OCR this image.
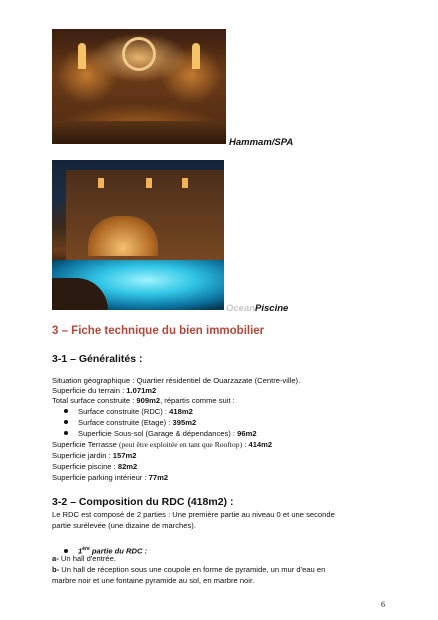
Hammam/SPA
OceanPiscine
3 – Fiche technique du bien immobilier
3-1 – Généralités :
Situation géographique : Quartier résidentiel de Ouarzazate (Centre-ville).
Superficie du terrain : 1.071m2
Total surface construite : 909m2, répartis comme suit :
Surface construite (RDC) : 418m2
Surface construite (Etage) : 395m2
Superficie Sous-sol (Garage & dépendances) : 96m2
Superficie Terrasse (peut être exploitée en tant que Rooftop) : 414m2
Superficie jardin : 157m2
Superficie piscine : 82m2
Superficie parking intérieur : 77m2
3-2 – Composition du RDC (418m2) :
Le RDC est composé de 2 parties : Une première partie au niveau 0 et une seconde
partie surélevée (une dizaine de marches).
1ère partie du RDC :
a- Un hall d'entrée.
b- Un hall de réception sous une coupole en forme de pyramide, un mur d'eau en
marbre noir et une fontaine pyramide au sol, en marbre noir.
6
